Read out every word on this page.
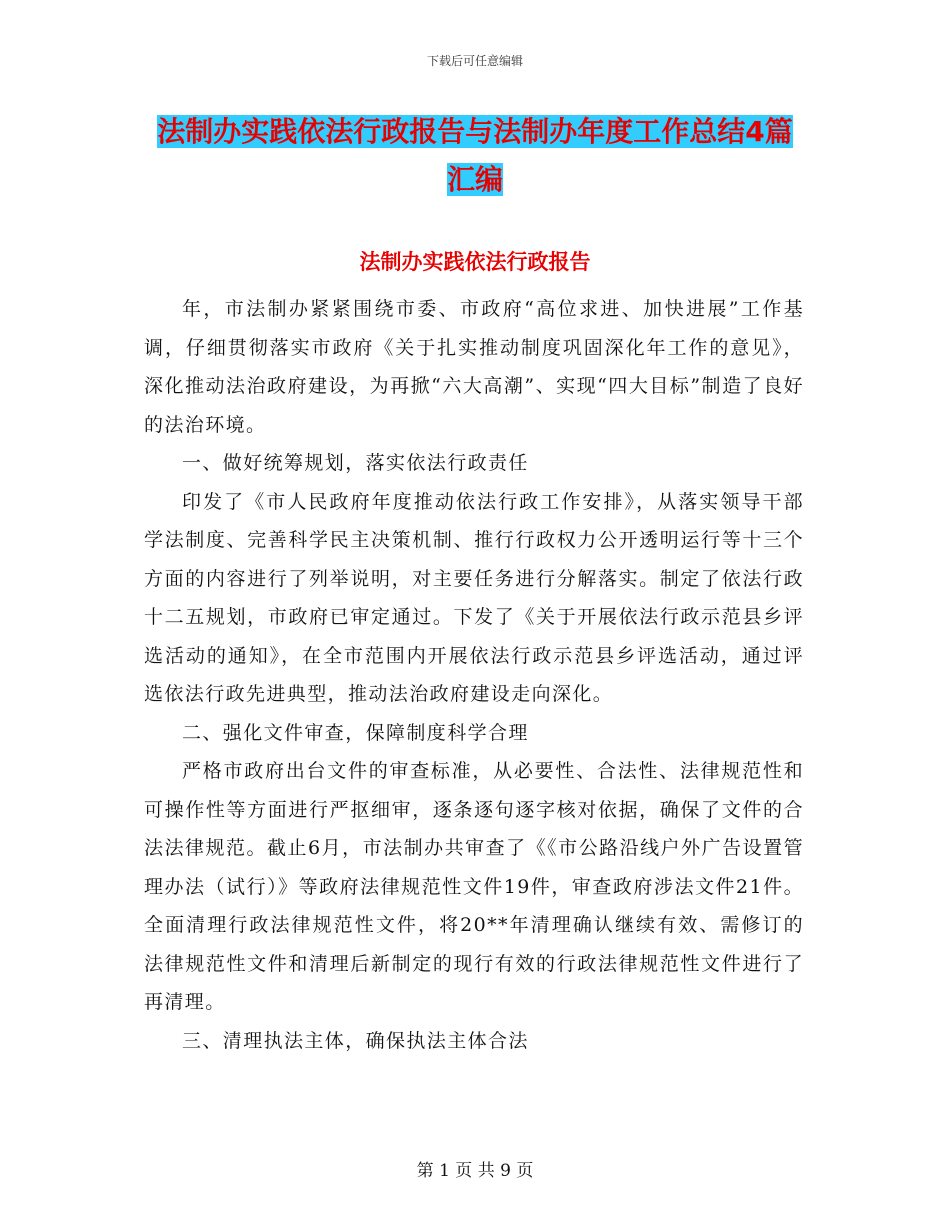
下载后可任意编辑
法制办实践依法行政报告与法制办年度工作总结4篇汇编
法制办实践依法行政报告

年，市法制办紧紧围绕市委、市政府“高位求进、加快进展”工作基调，仔细贯彻落实市政府《关于扎实推动制度巩固深化年工作的意见》，深化推动法治政府建设，为再掀“六大高潮”、实现“四大目标”制造了良好的法治环境。

一、做好统筹规划，落实依法行政责任

印发了《市人民政府年度推动依法行政工作安排》，从落实领导干部学法制度、完善科学民主决策机制、推行行政权力公开透明运行等十三个方面的内容进行了列举说明，对主要任务进行分解落实。制定了依法行政十二五规划，市政府已审定通过。下发了《关于开展依法行政示范县乡评选活动的通知》，在全市范围内开展依法行政示范县乡评选活动，通过评选依法行政先进典型，推动法治政府建设走向深化。

二、强化文件审查，保障制度科学合理

严格市政府出台文件的审查标准，从必要性、合法性、法律规范性和可操作性等方面进行严抠细审，逐条逐句逐字核对依据，确保了文件的合法法律规范。截止6月，市法制办共审查了《《市公路沿线户外广告设置管理办法（试行）》等政府法律规范性文件19件，审查政府涉法文件21件。全面清理行政法律规范性文件，将20**年清理确认继续有效、需修订的法律规范性文件和清理后新制定的现行有效的行政法律规范性文件进行了再清理。

三、清理执法主体，确保执法主体合法

第 1 页 共 9 页
